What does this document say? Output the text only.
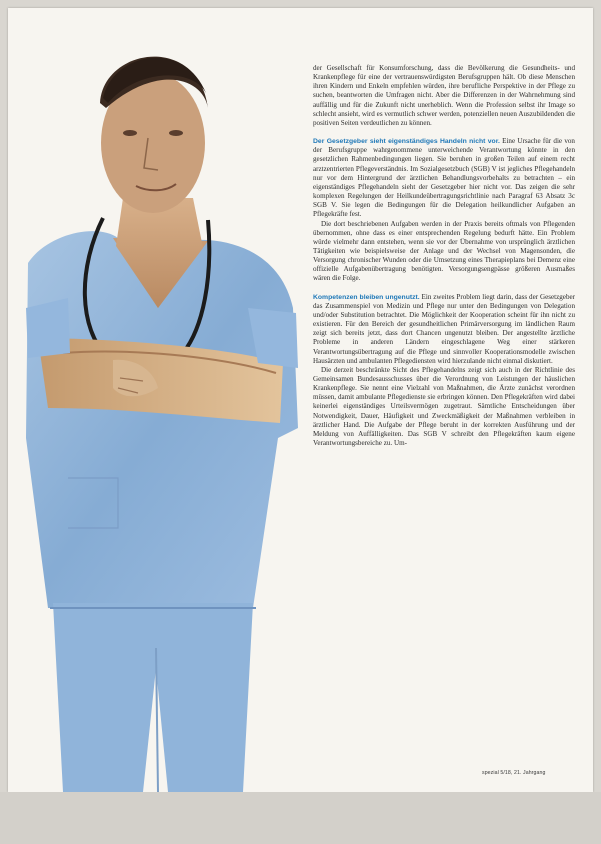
der Gesellschaft für Konsumforschung, dass die Bevölkerung die Gesundheits- und Krankenpflege für eine der vertrauenswürdigsten Berufsgruppen hält. Ob diese Menschen ihren Kindern und Enkeln empfehlen würden, ihre berufliche Perspektive in der Pflege zu suchen, beantworten die Umfragen nicht. Aber die Differenzen in der Wahrnehmung sind auffällig und für die Zukunft nicht unerheblich. Wenn die Profession selbst ihr Image so schlecht ansieht, wird es vermutlich schwer werden, potenziellen neuen Auszubildenden die positiven Seiten verdeutlichen zu können.

Der Gesetzgeber sieht eigenständiges Handeln nicht vor. Eine Ursache für die von der Berufsgruppe wahrgenommene unterweichende Verantwortung könnte in den gesetzlichen Rahmenbedingungen liegen. Sie beruhen in großen Teilen auf einem recht arztzentrierten Pflegeverständnis. Im Sozialgesetzbuch (SGB) V ist jegliches Pflegehandeln nur vor dem Hintergrund der ärztlichen Behandlungsvorbehalts zu betrachten – ein eigenständiges Pflegehandeln sieht der Gesetzgeber hier nicht vor. Das zeigen die sehr komplexen Regelungen der Heilkundeübertragungsrichtlinie nach Paragraf 63 Absatz 3c SGB V. Sie legen die Bedingungen für die Delegation heilkundlicher Aufgaben an Pflegekräfte fest.

Die dort beschriebenen Aufgaben werden in der Praxis bereits oftmals von Pflegenden übernommen, ohne dass es einer entsprechenden Regelung bedurft hätte. Ein Problem würde vielmehr dann entstehen, wenn sie vor der Übernahme von ursprünglich ärztlichen Tätigkeiten wie beispielsweise der Anlage und der Wechsel von Magensonden, die Versorgung chronischer Wunden oder die Umsetzung eines Therapieplans bei Demenz eine offizielle Aufgabenübertragung benötigten. Versorgungsengpässe größeren Ausmaßes wären die Folge.

Kompetenzen bleiben ungenutzt. Ein zweites Problem liegt darin, dass der Gesetzgeber das Zusammenspiel von Medizin und Pflege nur unter den Bedingungen von Delegation und/oder Substitution betrachtet. Die Möglichkeit der Kooperation scheint für ihn nicht zu existieren. Für den Bereich der gesundheitlichen Primärversorgung im ländlichen Raum zeigt sich bereits jetzt, dass dort Chancen ungenutzt bleiben. Der angestellte ärztliche Probleme in anderen Ländern eingeschlagene Weg einer stärkeren Verantwortungsübertragung auf die Pflege und sinnvoller Kooperationsmodelle zwischen Hausärzten und ambulanten Pflegediensten wird hierzulande nicht einmal diskutiert.

Die derzeit beschränkte Sicht des Pflegehandelns zeigt sich auch in der Richtlinie des Gemeinsamen Bundesausschusses über die Verordnung von Leistungen der häuslichen Krankenpflege. Sie nennt eine Vielzahl von Maßnahmen, die Ärzte zunächst verordnen müssen, damit ambulante Pflegedienste sie erbringen können. Den Pflegekräften wird dabei keinerlei eigenständiges Urteilsvermögen zugetraut. Sämtliche Entscheidungen über Notwendigkeit, Dauer, Häufigkeit und Zweckmäßigkeit der Maßnahmen verbleiben in ärztlicher Hand. Die Aufgabe der Pflege beruht in der korrekten Ausführung und der Meldung von Auffälligkeiten. Das SGB V schreibt den Pflegekräften kaum eigene Verantwortungsbereiche zu. Um-

spezial 5/18, 21. Jahrgang
